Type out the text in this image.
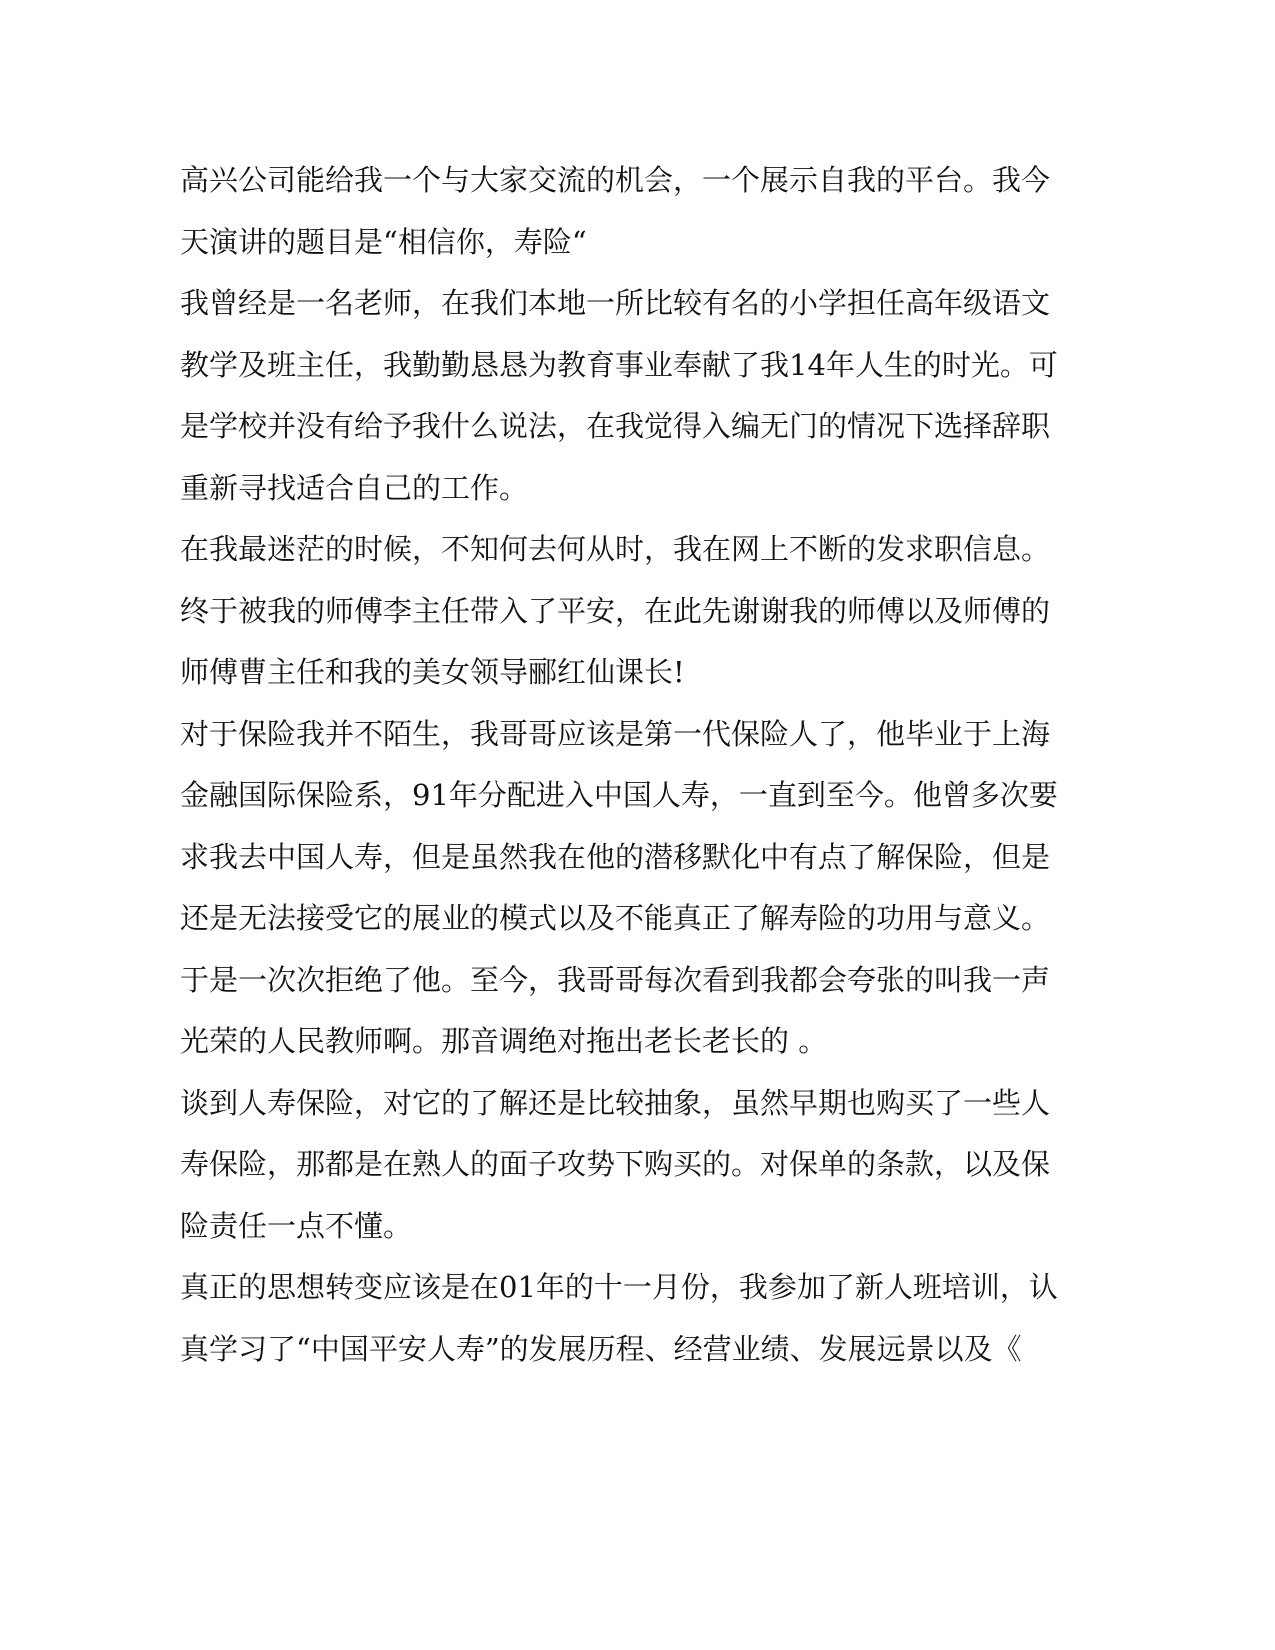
高兴公司能给我一个与大家交流的机会，一个展示自我的平台。我今
天演讲的题目是“相信你，寿险“
我曾经是一名老师，在我们本地一所比较有名的小学担任高年级语文
教学及班主任，我勤勤恳恳为教育事业奉献了我14年人生的时光。可
是学校并没有给予我什么说法，在我觉得入编无门的情况下选择辞职
重新寻找适合自己的工作。
在我最迷茫的时候，不知何去何从时，我在网上不断的发求职信息。
终于被我的师傅李主任带入了平安，在此先谢谢我的师傅以及师傅的
师傅曹主任和我的美女领导郦红仙课长!
对于保险我并不陌生，我哥哥应该是第一代保险人了，他毕业于上海
金融国际保险系，91年分配进入中国人寿，一直到至今。他曾多次要
求我去中国人寿，但是虽然我在他的潜移默化中有点了解保险，但是
还是无法接受它的展业的模式以及不能真正了解寿险的功用与意义。
于是一次次拒绝了他。至今，我哥哥每次看到我都会夸张的叫我一声
光荣的人民教师啊。那音调绝对拖出老长老长的 。
谈到人寿保险，对它的了解还是比较抽象，虽然早期也购买了一些人
寿保险，那都是在熟人的面子攻势下购买的。对保单的条款，以及保
险责任一点不懂。
真正的思想转变应该是在01年的十一月份，我参加了新人班培训，认
真学习了“中国平安人寿”的发展历程、经营业绩、发展远景以及《
